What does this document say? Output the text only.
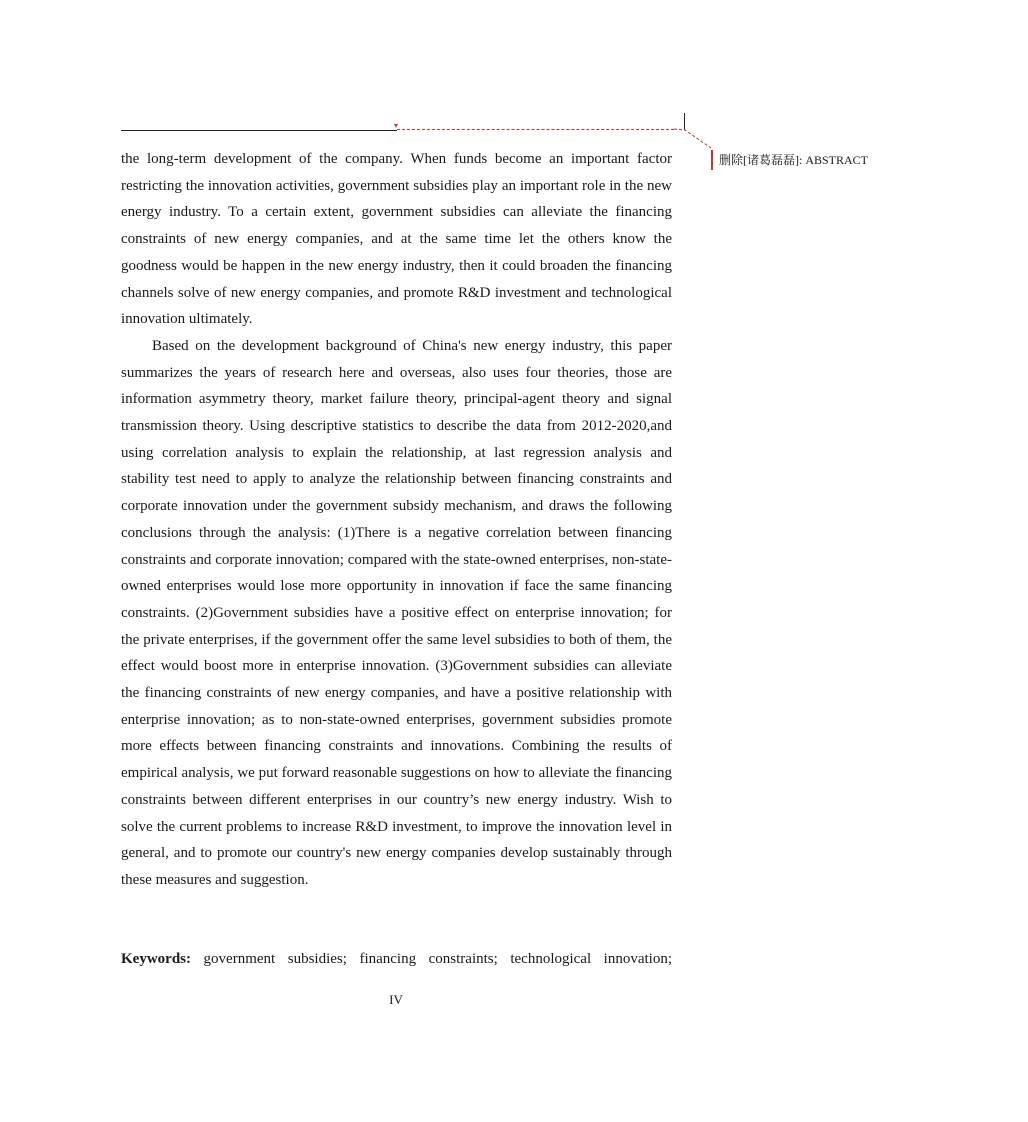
▾

the long-term development of the company. When funds become an important factor restricting the innovation activities, government subsidies play an important role in the new energy industry. To a certain extent, government subsidies can alleviate the financing constraints of new energy companies, and at the same time let the others know the goodness would be happen in the new energy industry, then it could broaden the financing channels solve of new energy companies, and promote R&D investment and technological innovation ultimately.

Based on the development background of China's new energy industry, this paper summarizes the years of research here and overseas, also uses four theories, those are information asymmetry theory, market failure theory, principal-agent theory and signal transmission theory. Using descriptive statistics to describe the data from 2012-2020,and using correlation analysis to explain the relationship, at last regression analysis and stability test need to apply to analyze the relationship between financing constraints and corporate innovation under the government subsidy mechanism, and draws the following conclusions through the analysis: (1)There is a negative correlation between financing constraints and corporate innovation; compared with the state-owned enterprises, non-state-owned enterprises would lose more opportunity in innovation if face the same financing constraints. (2)Government subsidies have a positive effect on enterprise innovation; for the private enterprises, if the government offer the same level subsidies to both of them, the effect would boost more in enterprise innovation. (3)Government subsidies can alleviate the financing constraints of new energy companies, and have a positive relationship with enterprise innovation; as to non-state-owned enterprises, government subsidies promote more effects between financing constraints and innovations. Combining the results of empirical analysis, we put forward reasonable suggestions on how to alleviate the financing constraints between different enterprises in our country’s new energy industry. Wish to solve the current problems to increase R&D investment, to improve the innovation level in general, and to promote our country's new energy companies develop sustainably through these measures and suggestion.

Keywords: government subsidies; financing constraints; technological innovation;
IV
删除[诸葛磊磊]: ABSTRACT
